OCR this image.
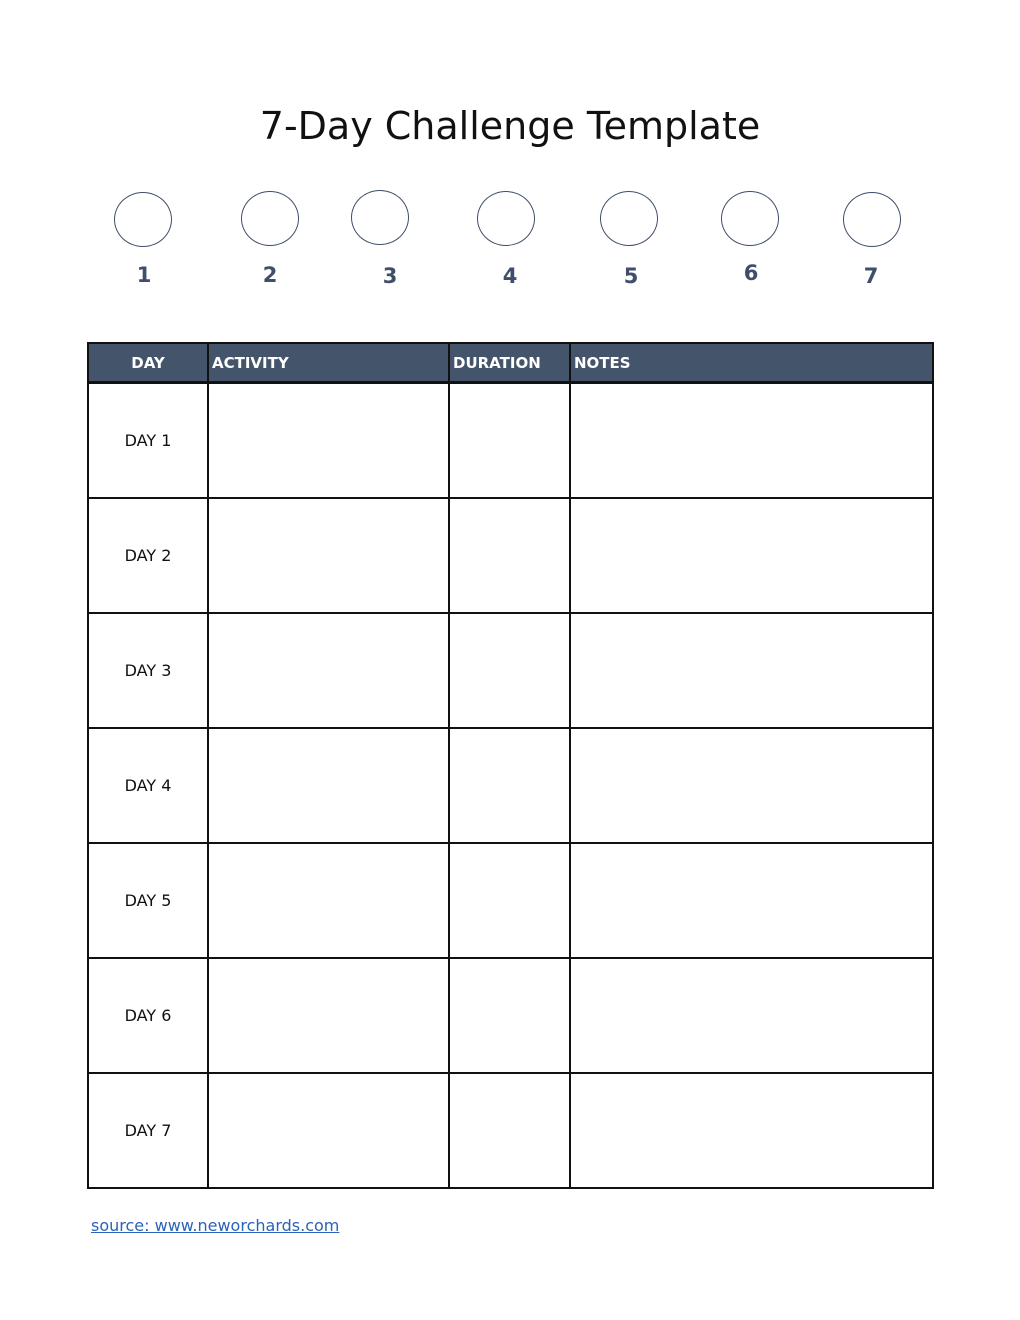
7-Day Challenge Template
1	2	3	4	5	6	7
DAY	ACTIVITY	DURATION	NOTES
DAY 1			
DAY 2			
DAY 3			
DAY 4			
DAY 5			
DAY 6			
DAY 7			
source: www.neworchards.com
